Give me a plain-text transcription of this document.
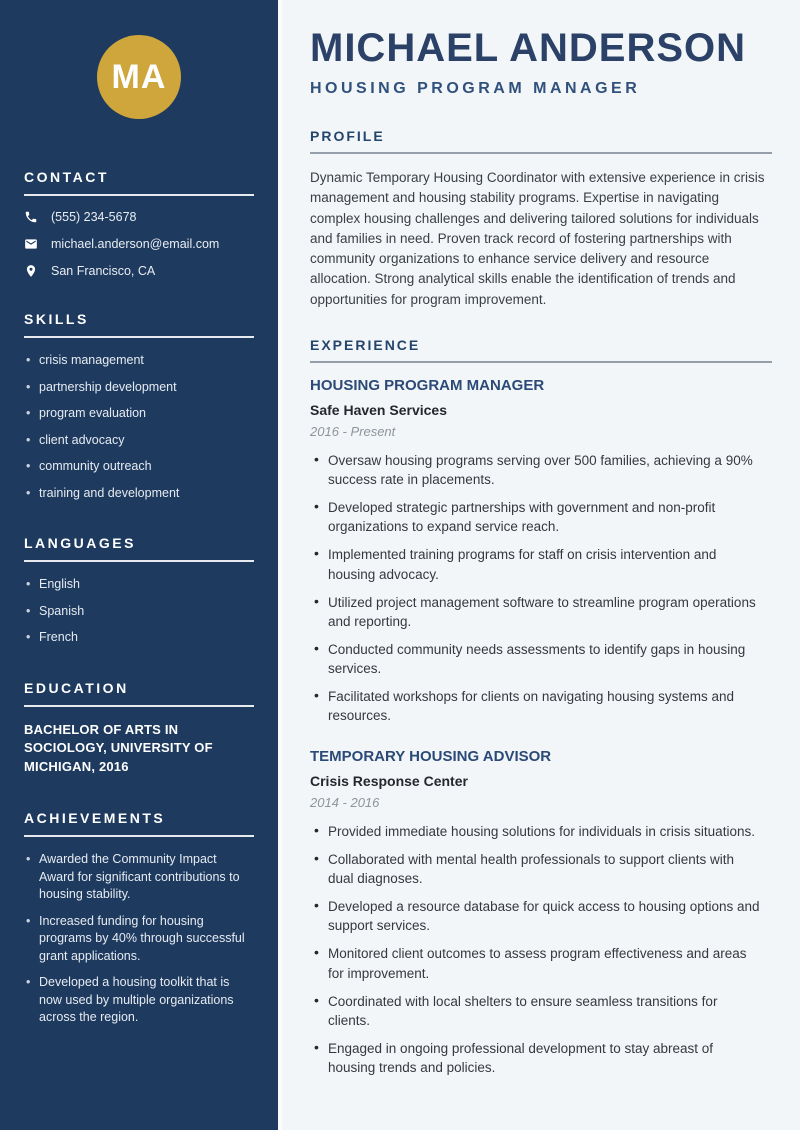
MA
CONTACT
(555) 234-5678
michael.anderson@email.com
San Francisco, CA
SKILLS
• crisis management
• partnership development
• program evaluation
• client advocacy
• community outreach
• training and development
LANGUAGES
• English
• Spanish
• French
EDUCATION
BACHELOR OF ARTS IN SOCIOLOGY, UNIVERSITY OF MICHIGAN, 2016
ACHIEVEMENTS
• Awarded the Community Impact Award for significant contributions to housing stability.
• Increased funding for housing programs by 40% through successful grant applications.
• Developed a housing toolkit that is now used by multiple organizations across the region.
MICHAEL ANDERSON
HOUSING PROGRAM MANAGER
PROFILE

Dynamic Temporary Housing Coordinator with extensive experience in crisis management and housing stability programs. Expertise in navigating complex housing challenges and delivering tailored solutions for individuals and families in need. Proven track record of fostering partnerships with community organizations to enhance service delivery and resource allocation. Strong analytical skills enable the identification of trends and opportunities for program improvement.

EXPERIENCE
HOUSING PROGRAM MANAGER
Safe Haven Services
2016 - Present
• Oversaw housing programs serving over 500 families, achieving a 90% success rate in placements.
• Developed strategic partnerships with government and non-profit organizations to expand service reach.
• Implemented training programs for staff on crisis intervention and housing advocacy.
• Utilized project management software to streamline program operations and reporting.
• Conducted community needs assessments to identify gaps in housing services.
• Facilitated workshops for clients on navigating housing systems and resources.
TEMPORARY HOUSING ADVISOR
Crisis Response Center
2014 - 2016
• Provided immediate housing solutions for individuals in crisis situations.
• Collaborated with mental health professionals to support clients with dual diagnoses.
• Developed a resource database for quick access to housing options and support services.
• Monitored client outcomes to assess program effectiveness and areas for improvement.
• Coordinated with local shelters to ensure seamless transitions for clients.
• Engaged in ongoing professional development to stay abreast of housing trends and policies.
